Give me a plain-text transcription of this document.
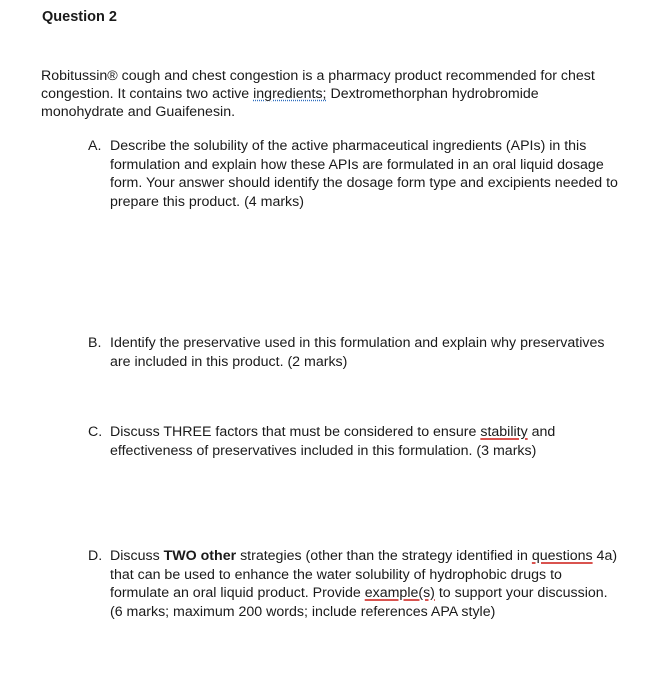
Question 2
Robitussin® cough and chest congestion is a pharmacy product recommended for chest congestion. It contains two active ingredients; Dextromethorphan hydrobromide monohydrate and Guaifenesin.
A. Describe the solubility of the active pharmaceutical ingredients (APIs) in this formulation and explain how these APIs are formulated in an oral liquid dosage form. Your answer should identify the dosage form type and excipients needed to prepare this product. (4 marks)
B. Identify the preservative used in this formulation and explain why preservatives are included in this product. (2 marks)
C. Discuss THREE factors that must be considered to ensure stability and effectiveness of preservatives included in this formulation. (3 marks)
D. Discuss TWO other strategies (other than the strategy identified in questions 4a) that can be used to enhance the water solubility of hydrophobic drugs to formulate an oral liquid product. Provide example(s) to support your discussion. (6 marks; maximum 200 words; include references APA style)
